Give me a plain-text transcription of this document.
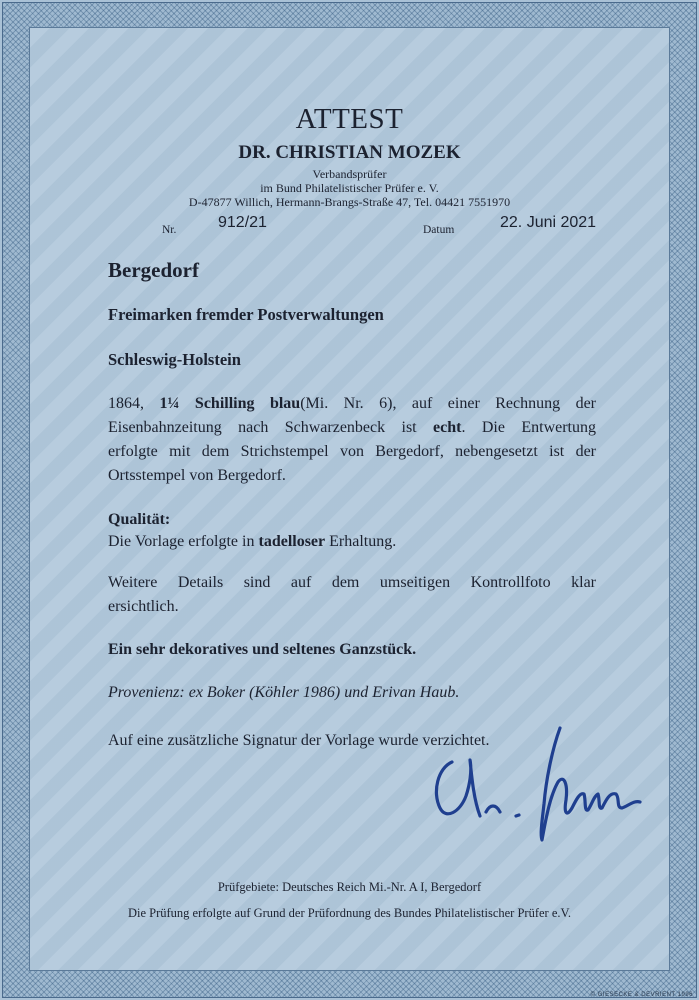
ATTEST
DR. CHRISTIAN MOZEK
Verbandsprüfer
im Bund Philatelistischer Prüfer e. V.
D-47877 Willich, Hermann-Brangs-Straße 47, Tel. 04421 7551970
Nr.	912/21	Datum	22. Juni 2021
Bergedorf
Freimarken fremder Postverwaltungen
Schleswig-Holstein
1864, 1¼ Schilling blau(Mi. Nr. 6), auf einer Rechnung der
Eisenbahnzeitung nach Schwarzenbeck ist echt. Die Entwertung
erfolgte mit dem Strichstempel von Bergedorf, nebengesetzt ist der
Ortsstempel von Bergedorf.
Qualität:
Die Vorlage erfolgte in tadelloser Erhaltung.
Weitere Details sind auf dem umseitigen Kontrollfoto klar
ersichtlich.
Ein sehr dekoratives und seltenes Ganzstück.
Provenienz: ex Boker (Köhler 1986) und Erivan Haub.
Auf eine zusätzliche Signatur der Vorlage wurde verzichtet.
Prüfgebiete: Deutsches Reich Mi.-Nr. A I, Bergedorf
Die Prüfung erfolgte auf Grund der Prüfordnung des Bundes Philatelistischer Prüfer e.V.
© GIESECKE & DEVRIENT 1996
